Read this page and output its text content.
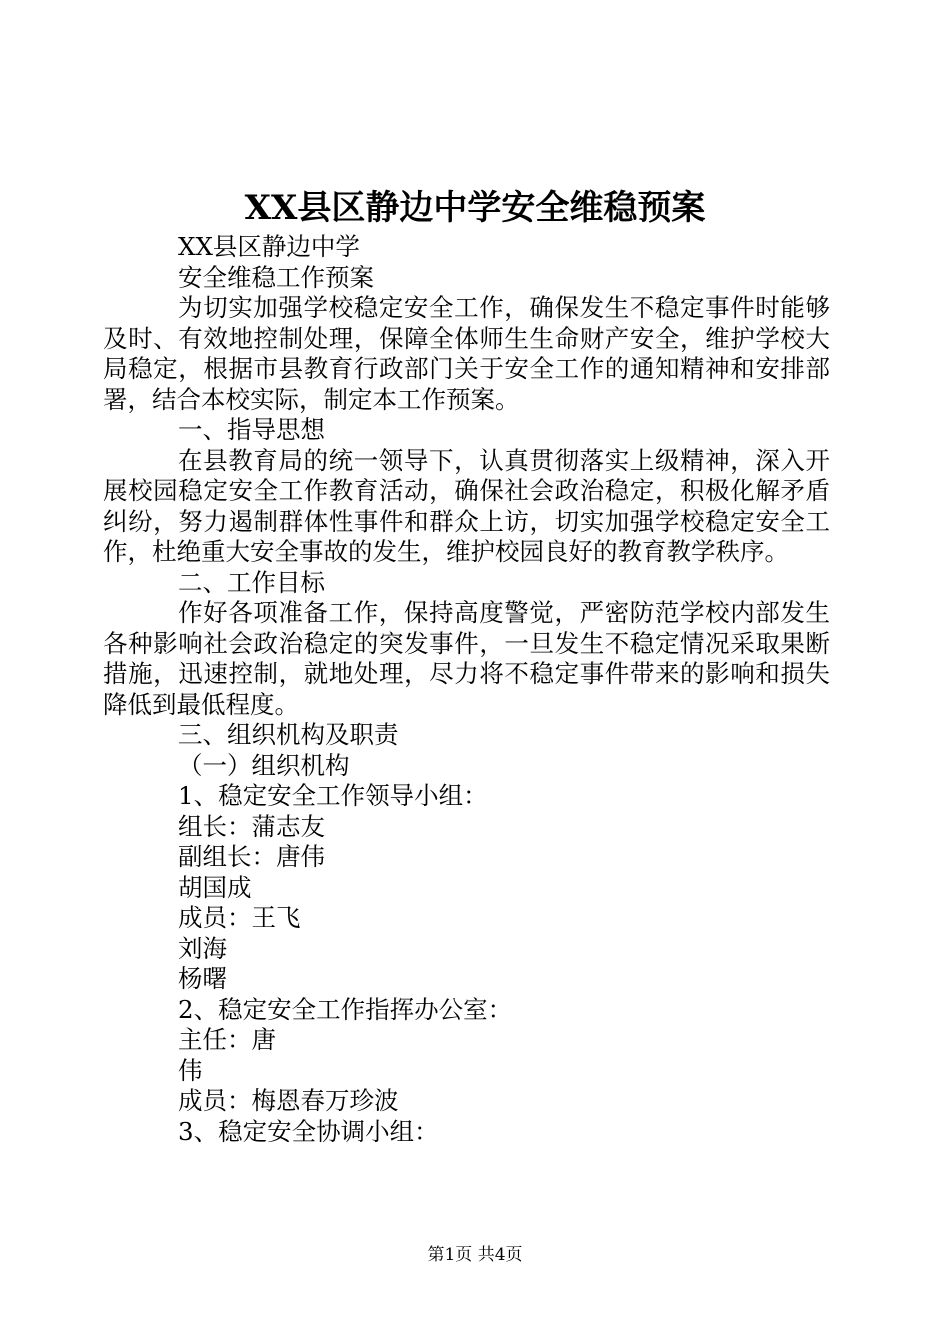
XX县区静边中学安全维稳预案
XX县区静边中学
安全维稳工作预案
为切实加强学校稳定安全工作，确保发生不稳定事件时能够及时、有效地控制处理，保障全体师生生命财产安全，维护学校大局稳定，根据市县教育行政部门关于安全工作的通知精神和安排部署，结合本校实际，制定本工作预案。
一、指导思想
在县教育局的统一领导下，认真贯彻落实上级精神，深入开展校园稳定安全工作教育活动，确保社会政治稳定，积极化解矛盾纠纷，努力遏制群体性事件和群众上访，切实加强学校稳定安全工作，杜绝重大安全事故的发生，维护校园良好的教育教学秩序。
二、工作目标
作好各项准备工作，保持高度警觉，严密防范学校内部发生各种影响社会政治稳定的突发事件，一旦发生不稳定情况采取果断措施，迅速控制，就地处理，尽力将不稳定事件带来的影响和损失降低到最低程度。
三、组织机构及职责
（一）组织机构
1、稳定安全工作领导小组：
组长：蒲志友
副组长：唐伟
胡国成
成员：王飞
刘海
杨曙
2、稳定安全工作指挥办公室：
主任：唐
伟
成员：梅恩春万珍波
3、稳定安全协调小组：
第1页 共4页
